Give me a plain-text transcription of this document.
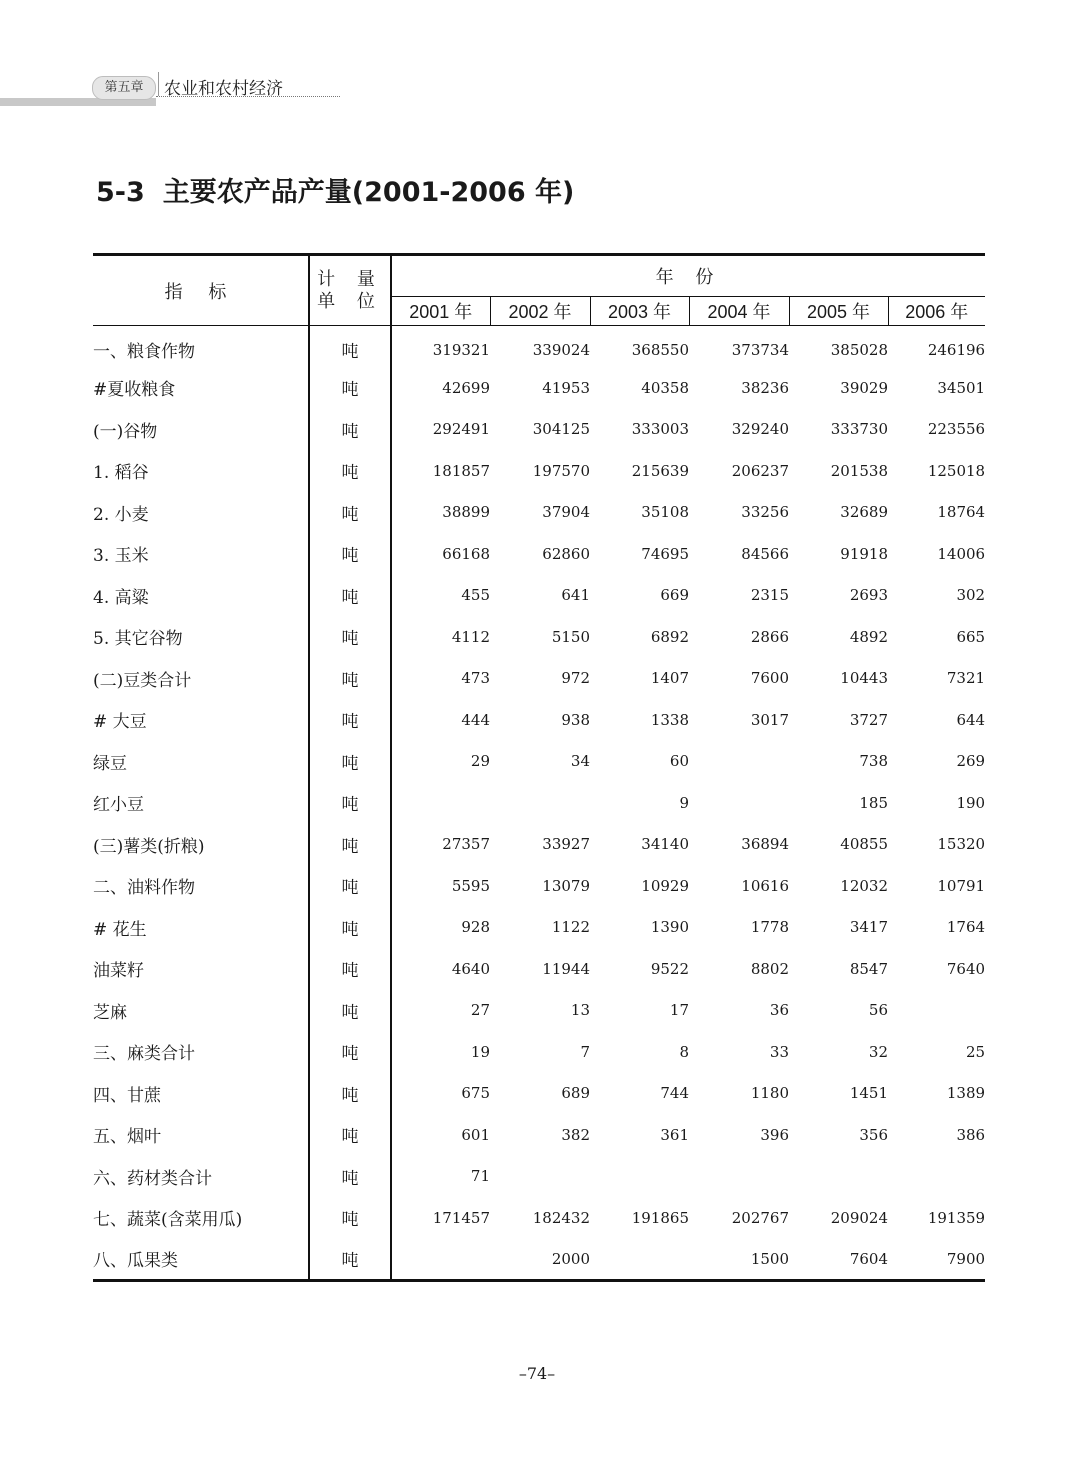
第五章	农业和农村经济
5-3 主要农产品产量(2001-2006 年)
指 标	计 量 单 位	年 份					
		2001 年	2002 年	2003 年	2004 年	2005 年	2006 年
一、粮食作物	吨	319321	339024	368550	373734	385028	246196
#夏收粮食	吨	42699	41953	40358	38236	39029	34501
(一)谷物	吨	292491	304125	333003	329240	333730	223556
1. 稻谷	吨	181857	197570	215639	206237	201538	125018
2. 小麦	吨	38899	37904	35108	33256	32689	18764
3. 玉米	吨	66168	62860	74695	84566	91918	14006
4. 高粱	吨	455	641	669	2315	2693	302
5. 其它谷物	吨	4112	5150	6892	2866	4892	665
(二)豆类合计	吨	473	972	1407	7600	10443	7321
# 大豆	吨	444	938	1338	3017	3727	644
绿豆	吨	29	34	60		738	269
红小豆	吨			9		185	190
(三)薯类(折粮)	吨	27357	33927	34140	36894	40855	15320
二、油料作物	吨	5595	13079	10929	10616	12032	10791
# 花生	吨	928	1122	1390	1778	3417	1764
油菜籽	吨	4640	11944	9522	8802	8547	7640
芝麻	吨	27	13	17	36	56	
三、麻类合计	吨	19	7	8	33	32	25
四、甘蔗	吨	675	689	744	1180	1451	1389
五、烟叶	吨	601	382	361	396	356	386
六、药材类合计	吨	71					
七、蔬菜(含菜用瓜)	吨	171457	182432	191865	202767	209024	191359
八、瓜果类	吨		2000		1500	7604	7900
–74–
